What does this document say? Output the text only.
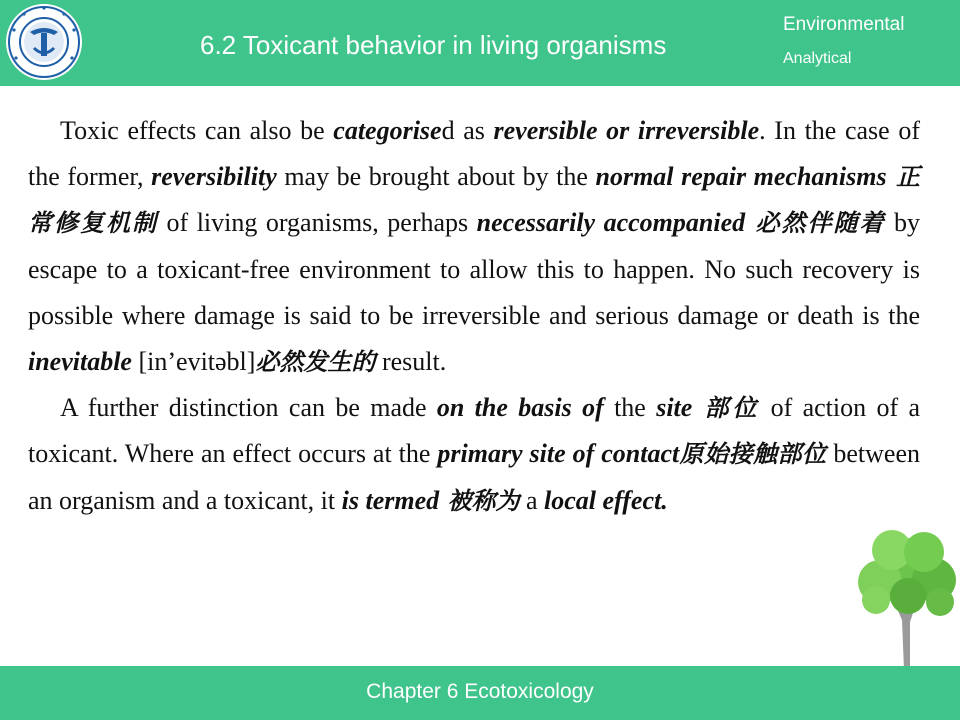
6.2 Toxicant behavior in living organisms
Environmental
Analytical

Toxic effects can also be categorised as reversible or irreversible. In the case of the former, reversibility may be brought about by the normal repair mechanisms 正常修复机制 of living organisms, perhaps necessarily accompanied 必然伴随着 by escape to a toxicant-free environment to allow this to happen. No such recovery is possible where damage is said to be irreversible and serious damage or death is the inevitable [in’evitəbl]必然发生的 result.

A further distinction can be made on the basis of the site 部位 of action of a toxicant. Where an effect occurs at the primary site of contact原始接触部位 between an organism and a toxicant, it is termed 被称为 a local effect.

Chapter 6 Ecotoxicology
